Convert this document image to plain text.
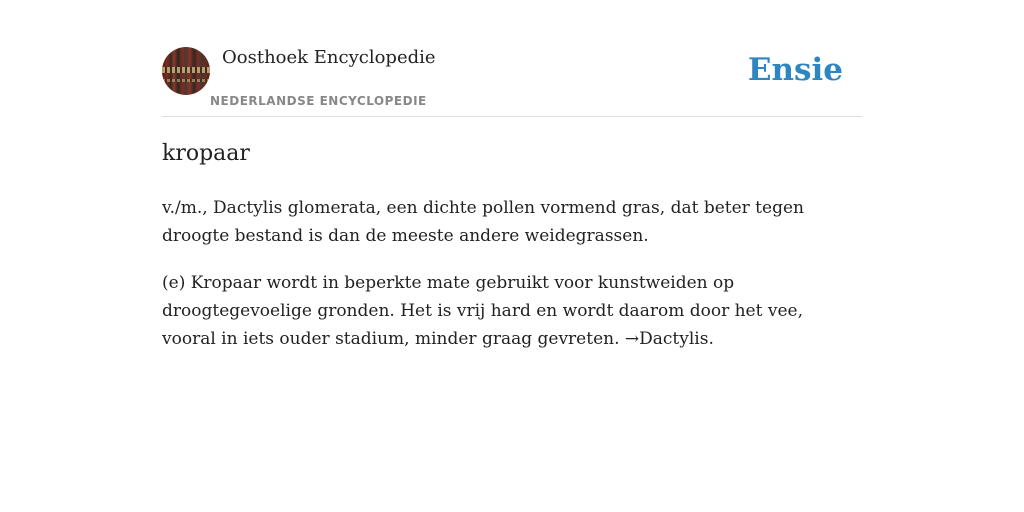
Oosthoek Encyclopedie
NEDERLANDSE ENCYCLOPEDIE
Ensie
kropaar

v./m., Dactylis glomerata, een dichte pollen vormend gras, dat beter tegen droogte bestand is dan de meeste andere weidegrassen.

(e) Kropaar wordt in beperkte mate gebruikt voor kunstweiden op droogtegevoelige gronden. Het is vrij hard en wordt daarom door het vee, vooral in iets ouder stadium, minder graag gevreten. →Dactylis.
